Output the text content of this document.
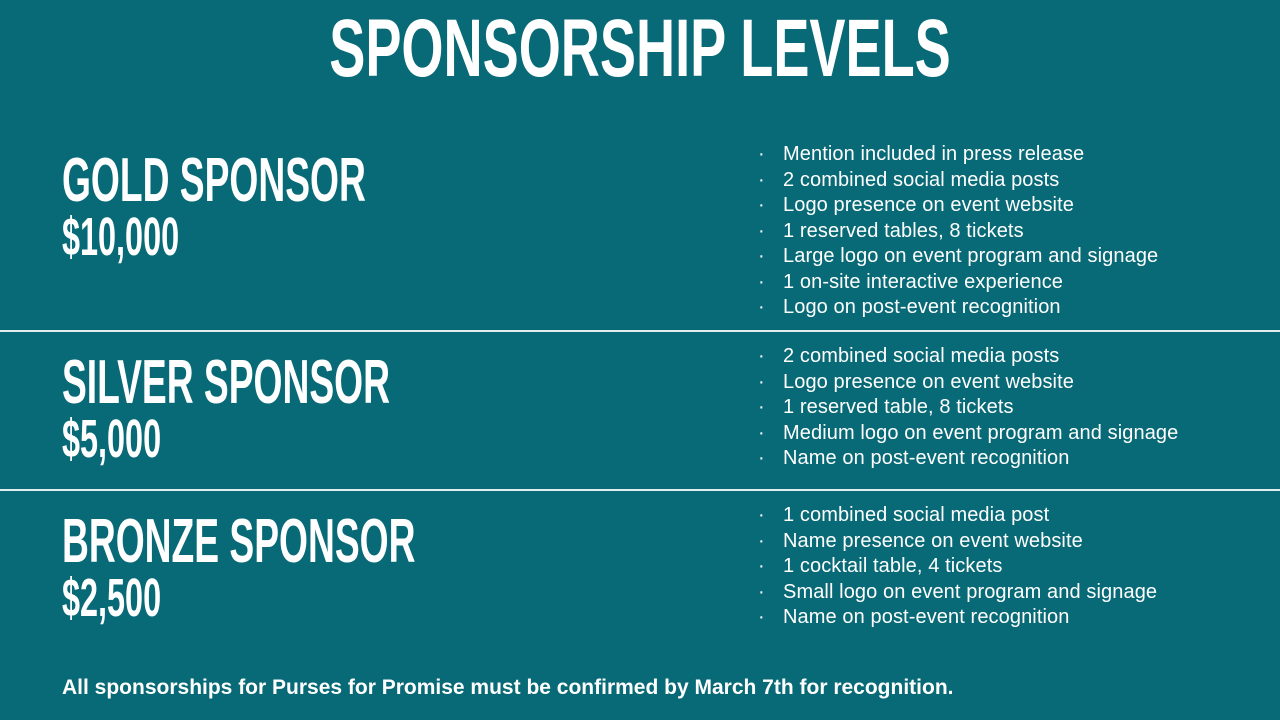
SPONSORSHIP LEVELS
GOLD SPONSOR
$10,000
· Mention included in press release
· 2 combined social media posts
· Logo presence on event website
· 1 reserved tables, 8 tickets
· Large logo on event program and signage
· 1 on-site interactive experience
· Logo on post-event recognition
SILVER SPONSOR
$5,000
· 2 combined social media posts
· Logo presence on event website
· 1 reserved table, 8 tickets
· Medium logo on event program and signage
· Name on post-event recognition
BRONZE SPONSOR
$2,500
· 1 combined social media post
· Name presence on event website
· 1 cocktail table, 4 tickets
· Small logo on event program and signage
· Name on post-event recognition
All sponsorships for Purses for Promise must be confirmed by March 7th for recognition.
